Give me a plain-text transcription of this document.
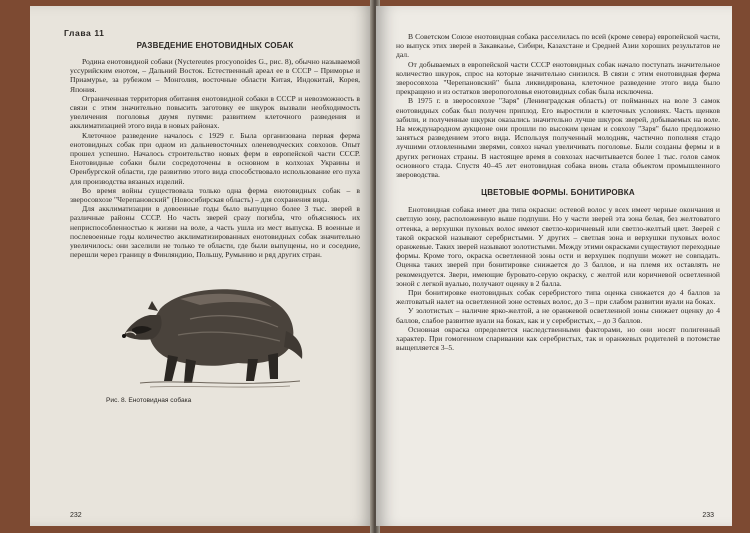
Глава 11
РАЗВЕДЕНИЕ ЕНОТОВИДНЫХ СОБАК

Родина енотовидной собаки (Nyctereutes procyonoides G., рис. 8), обычно называемой уссурийским енотом, – Дальний Восток. Естественный ареал ее в СССР – Приморье и Приамурье, за рубежом – Монголия, восточные области Китая, Индокитай, Корея, Япония.

Ограниченная территория обитания енотовидной собаки в СССР и невозможность в связи с этим значительно повысить заготовку ее шкурок вызвали необходимость увеличения поголовья двумя путями: развитием клеточного разведения и акклиматизацией этого вида в новых районах.

Клеточное разведение началось с 1929 г. Была организована первая ферма енотовидных собак при одном из дальневосточных оленеводческих совхозов. Опыт прошел успешно. Началось строительство новых ферм в европейской части СССР. Енотовидные собаки были сосредоточены в основном в колхозах Украины и Оренбургской области, где развитию этого вида способствовало использование его пуха для производства вязаных изделий.

Во время войны существовала только одна ферма енотовидных собак – в зверосовхозе "Черепановский" (Новосибирская область) – для сохранения вида.

Для акклиматизации в довоенные годы было выпущено более 3 тыс. зверей в различные районы СССР. Но часть зверей сразу погибла, что объясняюсь их неприспособленностью к жизни на воле, а часть ушла из мест выпуска. В военные и послевоенные годы количество акклиматизированных енотовидных собак значительно увеличилось: они заселили не только те области, где были выпущены, но и соседние, перешли через границу в Финляндию, Польшу, Румынию и ряд других стран.

Рис. 8. Енотовидная собака
232

В Советском Союзе енотовидная собака расселилась по всей (кроме севера) европейской части, но выпуск этих зверей в Закавказье, Сибири, Казахстане и Средней Азии хороших результатов не дал.

От добываемых в европейской части СССР енотовидных собак начало поступать значительное количество шкурок, спрос на которые значительно снизился. В связи с этим енотовидная ферма зверосовхоза "Черепановский" была ликвидирована, клеточное разведение этого вида было прекращено и из остатков зверопоголовья енотовидных собак была исключена.

В 1975 г. в зверосовхозе "Заря" (Ленинградская область) от пойманных на воле 3 самок енотовидных собак был получен приплод. Его выростили в клеточных условиях. Часть щенков забили, и полученные шкурки оказались значительно лучше шкурок зверей, добываемых на воле. На международном аукционе они прошли по высоким ценам и совхозу "Заря" было предложено заняться разведением этого вида. Используя полученный молодняк, частично пополняя стадо лучшими отловленными зверями, совхоз начал увеличивать поголовье. Были созданы фермы и в других регионах страны. В настоящее время в совхозах насчитывается более 1 тыс. голов самок основного стада. Спустя 40–45 лет енотовидная собака вновь стала объектом промышленного звероводства.

ЦВЕТОВЫЕ ФОРМЫ. БОНИТИРОВКА

Енотовидная собака имеет два типа окраски: остевой волос у всех имеет черные окончания и светлую зону, расположенную выше подпуши. Но у части зверей эта зона белая, без желтоватого оттенка, а верхушки пуховых волос имеют светло-коричневый или светло-желтый цвет. Зверей с такой окраской называют серебристыми. У других – светлая зона и верхушки пуховых волос оранжевые. Таких зверей называют золотистыми. Между этими окрасками существуют переходные формы. Кроме того, окраска осветленной зоны ости и верхушек подпуши может не совпадать. Оценка таких зверей при бонитировке снижается до 3 баллов, и на племя их оставлять не рекомендуется. Звери, имеющие буровато-серую окраску, с желтой или коричневой осветленной зоной с легкой вуалью, получают оценку в 2 балла.

При бонитировке енотовидных собак серебристого типа оценка снижается до 4 баллов за желтоватый налет на осветленной зоне остевых волос, до 3 – при слабом развитии вуали на боках.

У золотистых – наличие ярко-желтой, а не оранжевой осветленной зоны снижает оценку до 4 баллов, слабое развитие вуали на боках, как и у серебристых, – до 3 баллов.

Основная окраска определяется наследственными факторами, но они носят полигенный характер. При гомогенном спаривании как серебристых, так и оранжевых родителей в потомстве выщепляется 3–5.

233
